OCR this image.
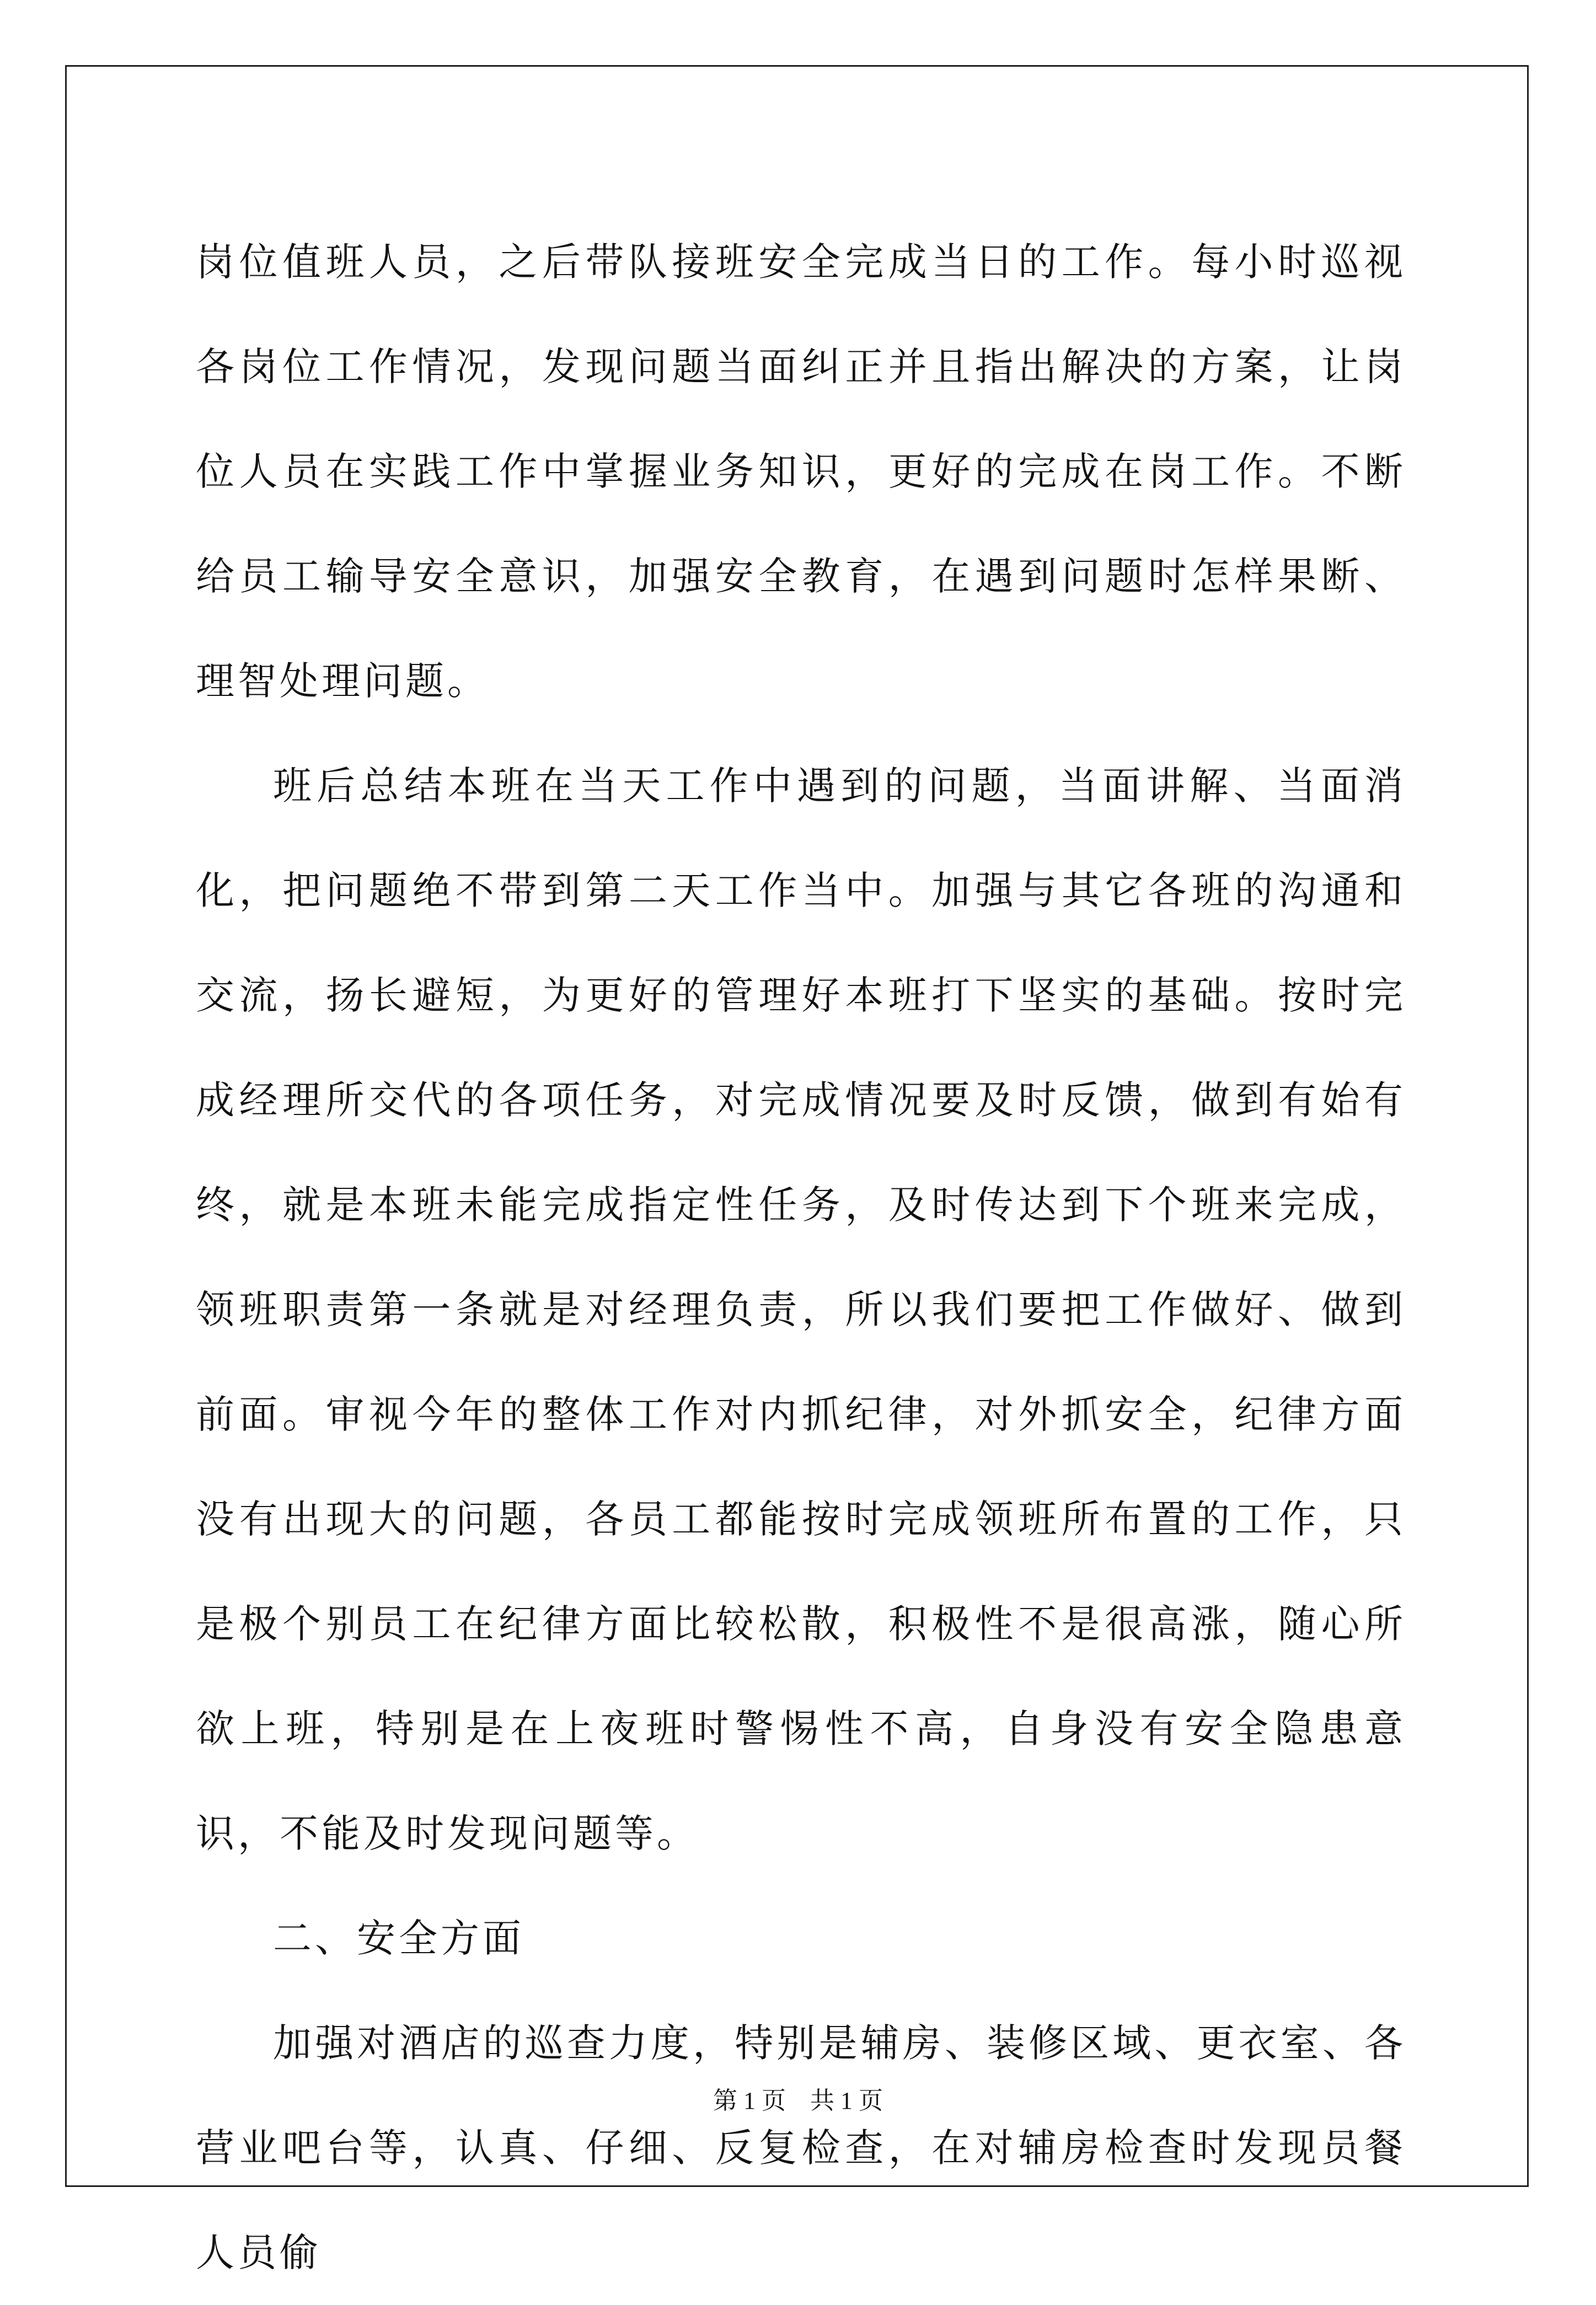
岗位值班人员，之后带队接班安全完成当日的工作。每小时巡视各岗位工作情况，发现问题当面纠正并且指出解决的方案，让岗位人员在实践工作中掌握业务知识，更好的完成在岗工作。不断给员工输导安全意识，加强安全教育，在遇到问题时怎样果断、理智处理问题。

班后总结本班在当天工作中遇到的问题，当面讲解、当面消化，把问题绝不带到第二天工作当中。加强与其它各班的沟通和交流，扬长避短，为更好的管理好本班打下坚实的基础。按时完成经理所交代的各项任务，对完成情况要及时反馈，做到有始有终，就是本班未能完成指定性任务，及时传达到下个班来完成，领班职责第一条就是对经理负责，所以我们要把工作做好、做到前面。审视今年的整体工作对内抓纪律，对外抓安全，纪律方面没有出现大的问题，各员工都能按时完成领班所布置的工作，只是极个别员工在纪律方面比较松散，积极性不是很高涨，随心所欲上班，特别是在上夜班时警惕性不高，自身没有安全隐患意识，不能及时发现问题等。

二、安全方面

加强对酒店的巡查力度，特别是辅房、装修区域、更衣室、各营业吧台等，认真、仔细、反复检查，在对辅房检查时发现员餐人员偷

第 1 页　共 1 页
